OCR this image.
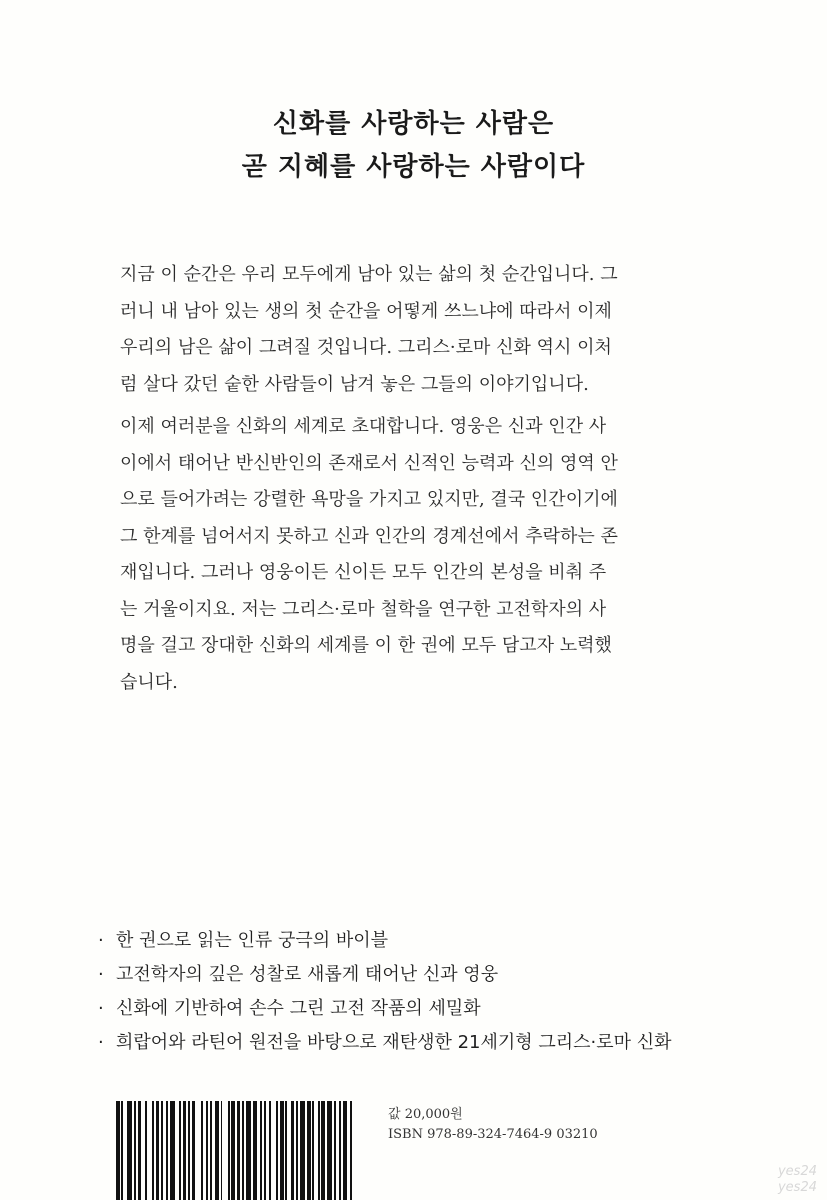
신화를 사랑하는 사람은
곧 지혜를 사랑하는 사람이다
지금 이 순간은 우리 모두에게 남아 있는 삶의 첫 순간입니다. 그
러니 내 남아 있는 생의 첫 순간을 어떻게 쓰느냐에 따라서 이제
우리의 남은 삶이 그려질 것입니다. 그리스·로마 신화 역시 이처
럼 살다 갔던 숱한 사람들이 남겨 놓은 그들의 이야기입니다.
이제 여러분을 신화의 세계로 초대합니다. 영웅은 신과 인간 사
이에서 태어난 반신반인의 존재로서 신적인 능력과 신의 영역 안
으로 들어가려는 강렬한 욕망을 가지고 있지만, 결국 인간이기에
그 한계를 넘어서지 못하고 신과 인간의 경계선에서 추락하는 존
재입니다. 그러나 영웅이든 신이든 모두 인간의 본성을 비춰 주
는 거울이지요. 저는 그리스·로마 철학을 연구한 고전학자의 사
명을 걸고 장대한 신화의 세계를 이 한 권에 모두 담고자 노력했
습니다.
· 한 권으로 읽는 인류 궁극의 바이블
· 고전학자의 깊은 성찰로 새롭게 태어난 신과 영웅
· 신화에 기반하여 손수 그린 고전 작품의 세밀화
· 희랍어와 라틴어 원전을 바탕으로 재탄생한 21세기형 그리스·로마 신화
값 20,000원
ISBN 978-89-324-7464-9 03210
yes24
yes24
